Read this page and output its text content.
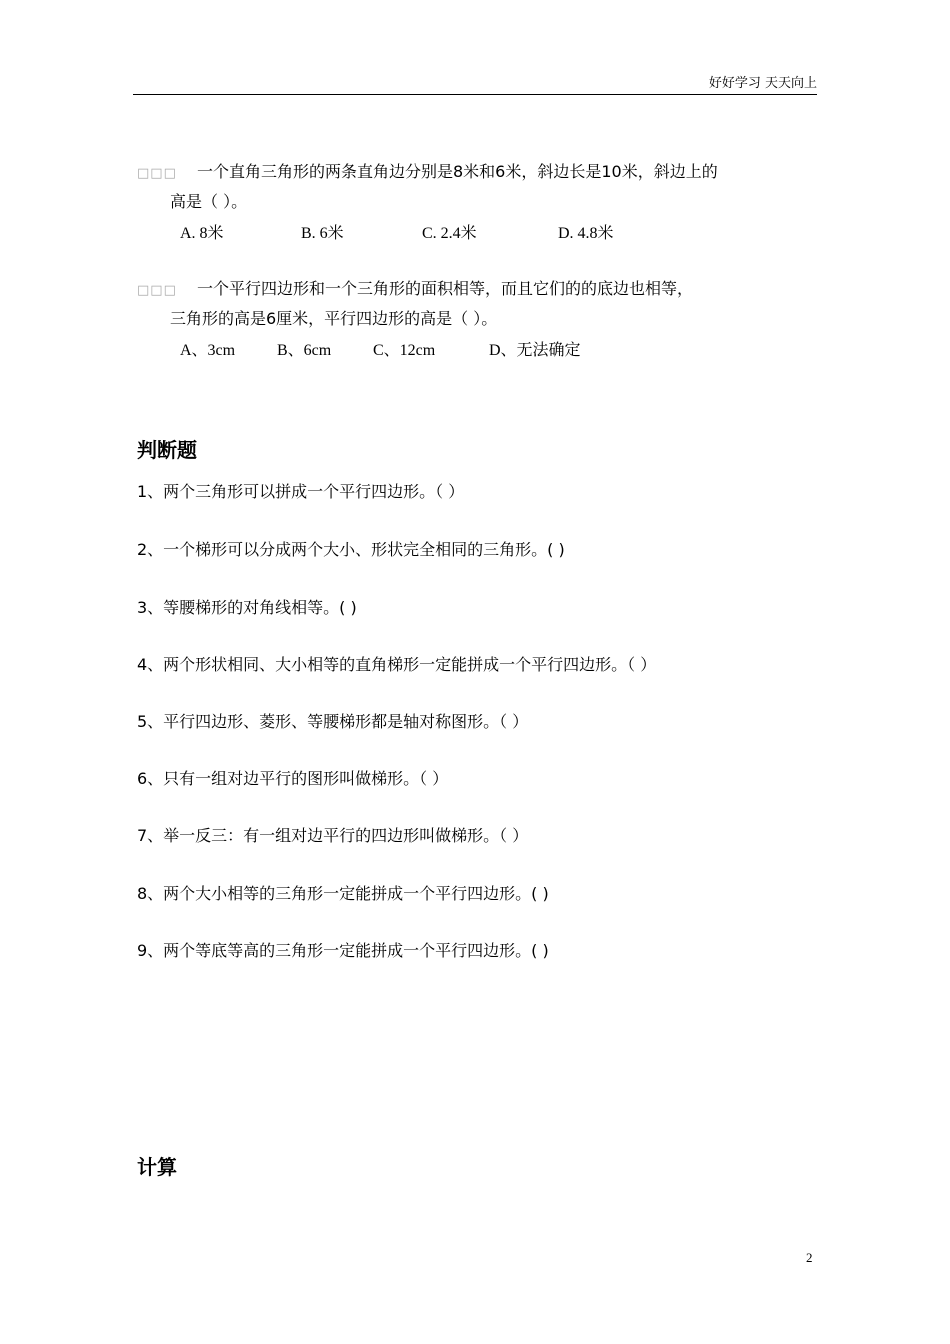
好好学习 天天向上
□□□ 一个直角三角形的两条直角边分别是8米和6米，斜边长是10米，斜边上的
高是（ ）。
A. 8米	B. 6米	C. 2.4米	D. 4.8米
□□□ 一个平行四边形和一个三角形的面积相等，而且它们的的底边也相等，
三角形的高是6厘米，平行四边形的高是（ ）。
A、3cm	B、6cm	C、12cm	D、无法确定
判断题
1、两个三角形可以拼成一个平行四边形。（ ）
2、一个梯形可以分成两个大小、形状完全相同的三角形。( )
3、等腰梯形的对角线相等。( )
4、两个形状相同、大小相等的直角梯形一定能拼成一个平行四边形。（ ）
5、平行四边形、菱形、等腰梯形都是轴对称图形。（ ）
6、只有一组对边平行的图形叫做梯形。（ ）
7、举一反三：有一组对边平行的四边形叫做梯形。（ ）
8、两个大小相等的三角形一定能拼成一个平行四边形。( )
9、两个等底等高的三角形一定能拼成一个平行四边形。( )
计算
2
